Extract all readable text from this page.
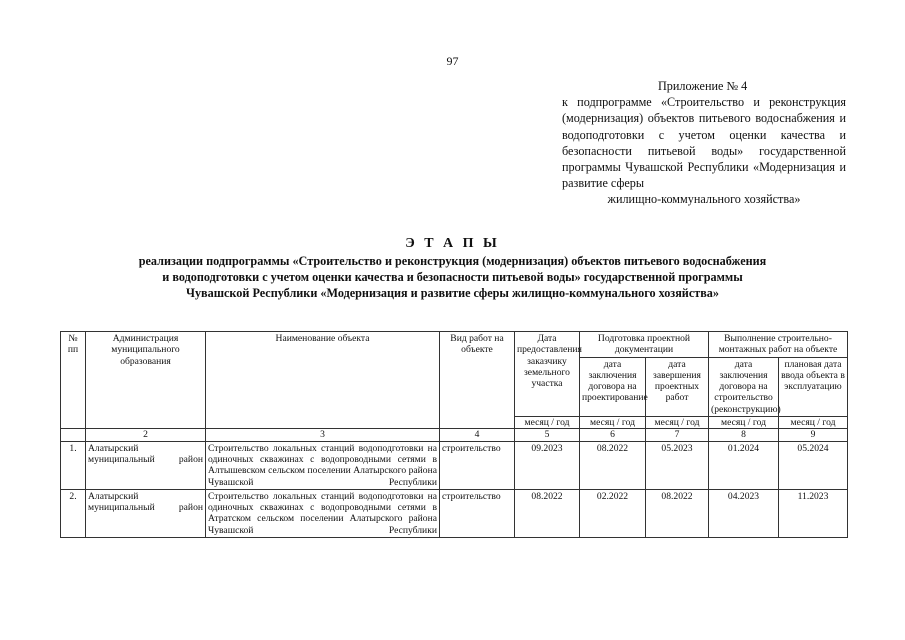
97
Приложение № 4
к подпрограмме «Строительство и реконструкция (модернизация) объектов питьевого водоснабжения и водоподготовки с учетом оценки качества и безопасности питьевой воды» государственной программы Чувашской Республики «Модернизация и развитие сферы
жилищно-коммунального хозяйства»
Э Т А П Ы
реализации подпрограммы «Строительство и реконструкция (модернизация) объектов питьевого водоснабжения
и водоподготовки с учетом оценки качества и безопасности питьевой воды» государственной программы
Чувашской Республики «Модернизация и развитие сферы жилищно-коммунального хозяйства»
№ пп	Администрация муниципального образования	Наименование объекта	Вид работ на объекте	Дата предоставления заказчику земельного участка	Подготовка проектной документации		Выполнение строительно-монтажных работ на объекте	
					дата заключения договора на проектирование	дата завершения проектных работ	дата заключения договора на строительство (реконструкцию)	плановая дата ввода объекта в эксплуатацию
				месяц / год	месяц / год	месяц / год	месяц / год	месяц / год
	2	3	4	5	6	7	8	9
1.	Алатырский муниципальный район	Строительство локальных станций водоподготовки на одиночных скважинах с водопроводными сетями в Алтышевском сельском поселении Алатырского района Чувашской Республики	строительство	09.2023	08.2022	05.2023	01.2024	05.2024
2.	Алатырский муниципальный район	Строительство локальных станций водоподготовки на одиночных скважинах с водопроводными сетями в Атратском сельском поселении Алатырского района Чувашской Республики	строительство	08.2022	02.2022	08.2022	04.2023	11.2023
